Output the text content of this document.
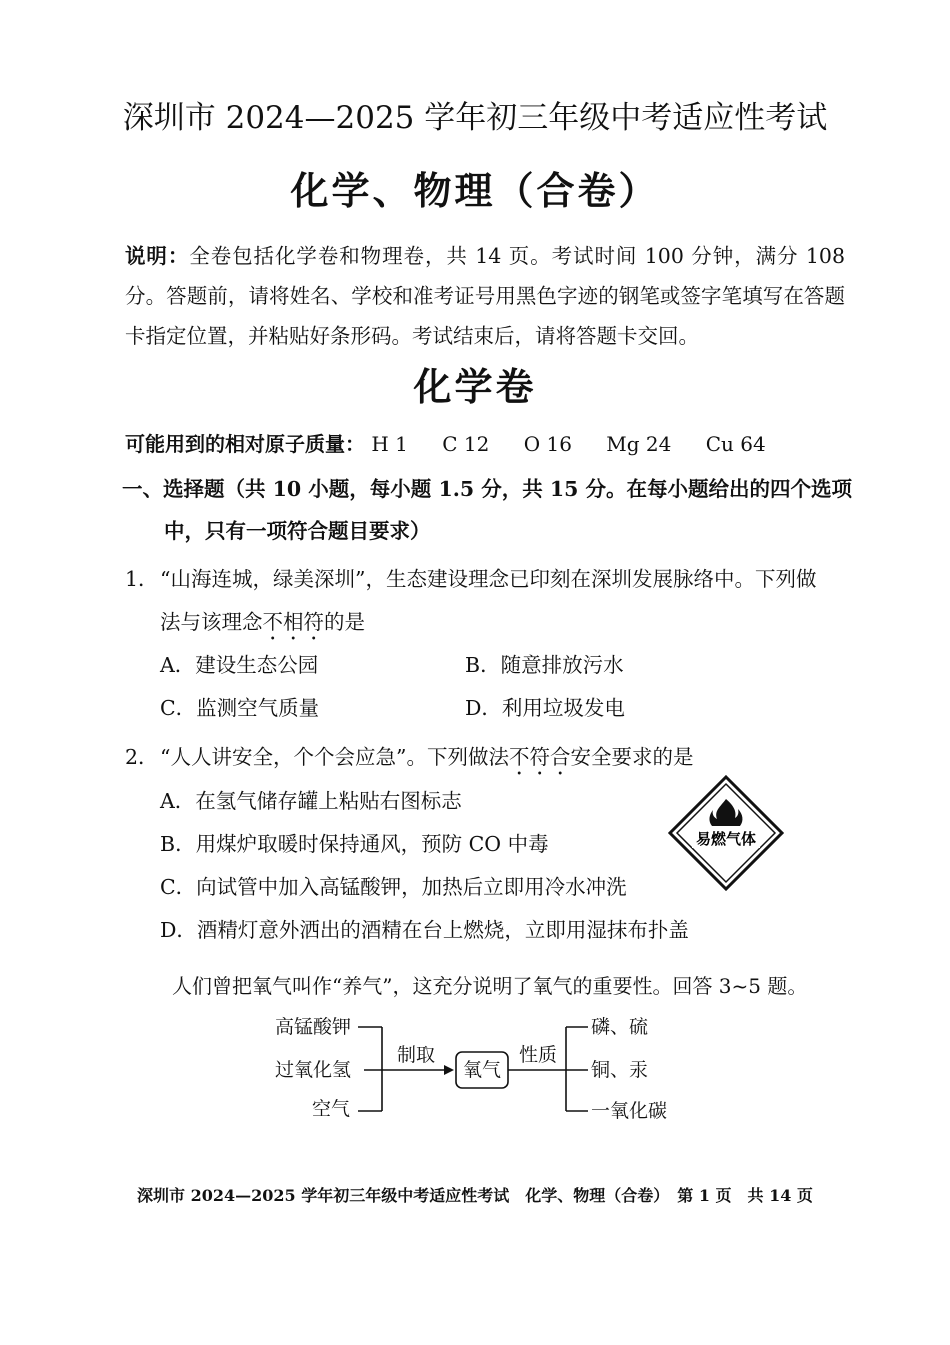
深圳市 2024—2025 学年初三年级中考适应性考试
化学、物理（合卷）
说明：全卷包括化学卷和物理卷，共 14 页。考试时间 100 分钟，满分 108 分。答题前，请将姓名、学校和准考证号用黑色字迹的钢笔或签字笔填写在答题卡指定位置，并粘贴好条形码。考试结束后，请将答题卡交回。
化学卷
可能用到的相对原子质量： H 1 C 12 O 16 Mg 24 Cu 64
一、选择题（共 10 小题，每小题 1.5 分，共 15 分。在每小题给出的四个选项
中，只有一项符合题目要求）
1． “山海连城，绿美深圳”，生态建设理念已印刻在深圳发展脉络中。下列做
法与该理念不相符的是
A．建设生态公园	B．随意排放污水
C．监测空气质量	D．利用垃圾发电
2． “人人讲安全，个个会应急”。下列做法不符合安全要求的是
A．在氢气储存罐上粘贴右图标志
B．用煤炉取暖时保持通风，预防 CO 中毒
C．向试管中加入高锰酸钾，加热后立即用冷水冲洗
D．酒精灯意外洒出的酒精在台上燃烧，立即用湿抹布扑盖
易燃气体
人们曾把氧气叫作“养气”，这充分说明了氧气的重要性。回答 3~5 题。
高锰酸钾
过氧化氢
空气
制取
氧气
性质
磷、硫
铜、汞
一氧化碳
深圳市 2024—2025 学年初三年级中考适应性考试　化学、物理（合卷）　第 1 页　共 14 页
